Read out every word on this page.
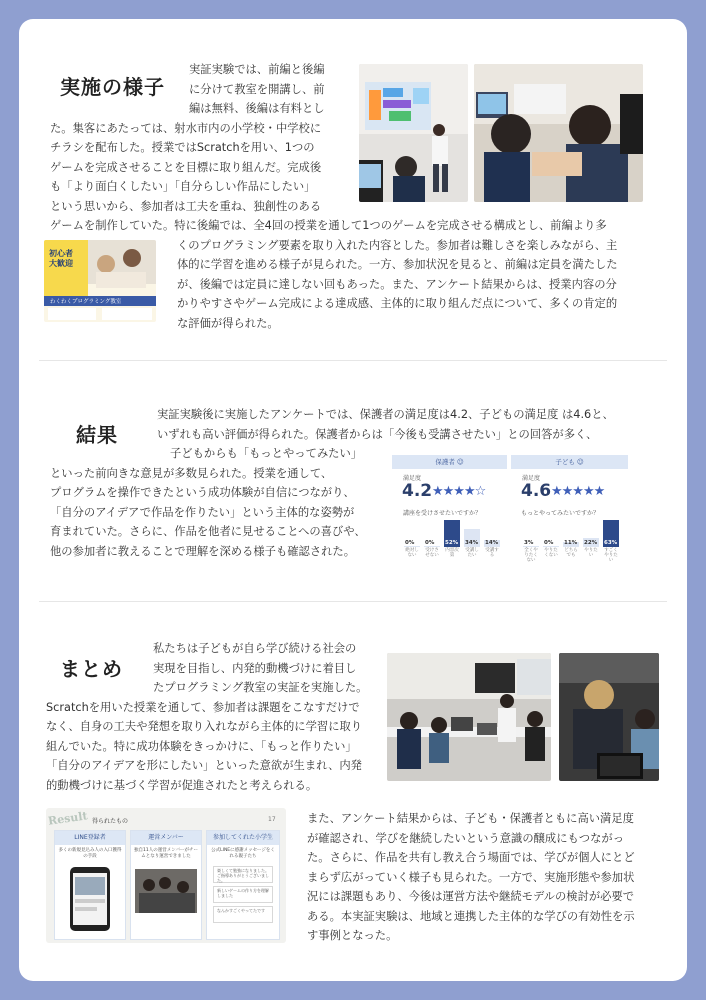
実施の様子

実証実験では、前編と後編

に分けて教室を開講し、前

編は無料、後編は有料とし

た。集客にあたっては、射水市内の小学校・中学校に

チラシを配布した。授業ではScratchを用い、1つの

ゲームを完成させることを目標に取り組んだ。完成後

も「より面白くしたい」「自分らしい作品にしたい」

という思いから、参加者は工夫を重ね、独創性のある

ゲームを制作していた。特に後編では、全4回の授業を通して1つのゲームを完成させる構成とし、前編より多

くのプログラミング要素を取り入れた内容とした。参加者は難しさを楽しみながら、主

体的に学習を進める様子が見られた。一方、参加状況を見ると、前編は定員を満たした

が、後編では定員に達しない回もあった。また、アンケート結果からは、授業内容の分

かりやすさやゲーム完成による達成感、主体的に取り組んだ点について、多くの肯定的

な評価が得られた。

初心者大歓迎
わくわくプログラミング教室
結果

実証実験後に実施したアンケートでは、保護者の満足度は4.2、子どもの満足度 は4.6と、

いずれも高い評価が得られた。保護者からは「今後も受講させたい」との回答が多く、

子どもからも「もっとやってみたい」

といった前向きな意見が多数見られた。授業を通して、

プログラムを操作できたという成功体験が自信につながり、

「自分のアイデアで作品を作りたい」という主体的な姿勢が

育まれていた。さらに、作品を他者に見せることへの喜びや、

他の参加者に教えることで理解を深める様子も確認された。

保護者 ☺	子ども ☺
満足度
4.2 ★★★★☆
満足度
4.6 ★★★★★
講座を受けさせたいですか？	もっとやってみたいですか？
0%
絶対しない
0%
受けさせない
52%
内容次第
34%
受講したい
14%
受講する
3%
全くやりたくない
0%
やりたくない
11%
どちらでも
22%
やりたい
63%
すごくやりたい
まとめ

私たちは子どもが自ら学び続ける社会の

実現を目指し、内発的動機づけに着目し

たプログラミング教室の実証を実施した。

Scratchを用いた授業を通して、参加者は課題をこなすだけで

なく、自身の工夫や発想を取り入れながら主体的に学習に取り

組んでいた。特に成功体験をきっかけに、「もっと作りたい」

「自分のアイデアを形にしたい」といった意欲が生まれ、内発

的動機づけに基づく学習が促進されたと考えられる。

また、アンケート結果からは、子ども・保護者ともに高い満足度

が確認され、学びを継続したいという意識の醸成にもつながっ

た。さらに、作品を共有し教え合う場面では、学びが個人にとど

まらず広がっていく様子も見られた。一方で、実施形態や参加状

況には課題もあり、今後は運営方法や継続モデルの検討が必要で

ある。本実証実験は、地域と連携した主体的な学びの有効性を示

す事例となった。

Result 得られたもの	17
LINE登録者
多くの新規見込み人の入口獲得の手段
運営メンバー
独自11人の運営メンバーがチームとなり運営できました
参加してくれた小学生
公式LINEに感謝メッセージをくれる親子たち
楽しくて勉強になりました。ご指導ありがとうございました。
新しいゲームの作り方を理解しました
なんかすごくやってたです
